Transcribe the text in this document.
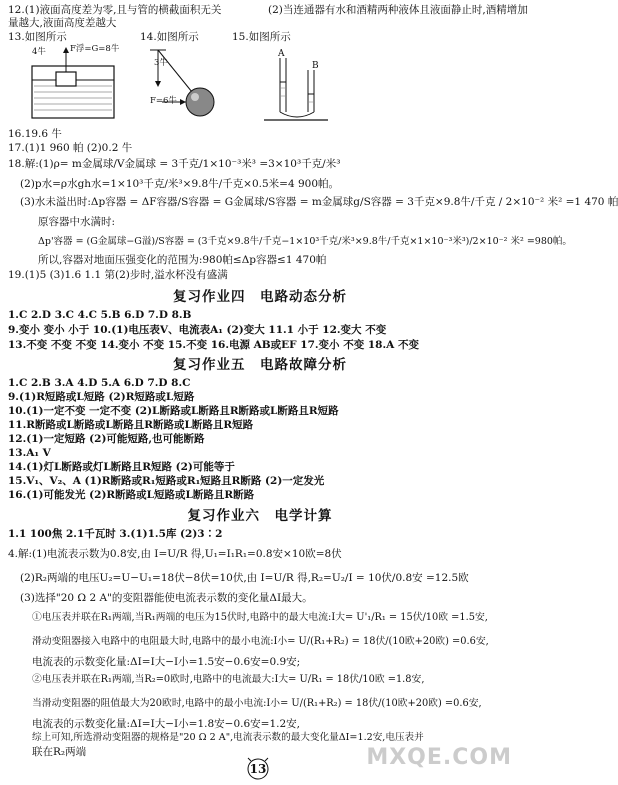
12.(1)液面高度差为零,且与管的横截面积无关	(2)当连通器有水和酒精两种液体且液面静止时,酒精增加
量越大,液面高度差越大
13.如图所示	14.如图所示	15.如图所示
4牛	F浮=G=8牛
3牛
F=6牛
A
B
16.19.6 牛
17.(1)1 960 帕 (2)0.2 牛
18.解:(1)ρ= m金属球/V金属球 = 3千克/1×10⁻³米³ =3×10³千克/米³
(2)p水=ρ水gh水=1×10³千克/米³×9.8牛/千克×0.5米=4 900帕。
(3)水未溢出时:Δp容器 = ΔF容器/S容器 = G金属球/S容器 = m金属球g/S容器 = 3千克×9.8牛/千克 / 2×10⁻² 米² =1 470 帕
原容器中水满时:
Δp'容器 = (G金属球−G溢)/S容器 = (3千克×9.8牛/千克−1×10³千克/米³×9.8牛/千克×1×10⁻³米³)/2×10⁻² 米² =980帕。
所以,容器对地面压强变化的范围为:980帕≤Δp容器≤1 470帕
19.(1)5 (3)1.6 1.1 第(2)步时,溢水杯没有盛满
复习作业四　电路动态分析
1.C 2.D 3.C 4.C 5.B 6.D 7.D 8.B
9.变小 变小 小于 10.(1)电压表V、电流表A₁ (2)变大 11.1 小于 12.变大 不变
13.不变 不变 不变 14.变小 不变 15.不变 16.电源 AB或EF 17.变小 不变 18.A 不变
复习作业五　电路故障分析
1.C 2.B 3.A 4.D 5.A 6.D 7.D 8.C
9.(1)R短路或L短路 (2)R短路或L短路
10.(1)一定不变 一定不变 (2)L断路或L断路且R断路或L断路且R短路
11.R断路或L断路或L断路且R断路或L断路且R短路
12.(1)一定短路 (2)可能短路,也可能断路
13.A₁ V
14.(1)灯L断路或灯L断路且R短路 (2)可能等于
15.V₁、V₂、A (1)R断路或R₁短路或R₁短路且R断路 (2)一定发光
16.(1)可能发光 (2)R断路或L短路或L断路且R断路
复习作业六　电学计算
1.1 100焦 2.1千瓦时 3.(1)1.5库 (2)3∶2
4.解:(1)电流表示数为0.8安,由 I=U/R 得,U₁=I₁R₁=0.8安×10欧=8伏
(2)R₂两端的电压U₂=U−U₁=18伏−8伏=10伏,由 I=U/R 得,R₂=U₂/I = 10伏/0.8安 =12.5欧
(3)选择"20 Ω 2 A"的变阻器能使电流表示数的变化量ΔI最大。
①电压表并联在R₁两端,当R₁两端的电压为15伏时,电路中的最大电流:I大= U'₁/R₁ = 15伏/10欧 =1.5安,
滑动变阻器接入电路中的电阻最大时,电路中的最小电流:I小= U/(R₁+R₂) = 18伏/(10欧+20欧) =0.6安,
电流表的示数变化量:ΔI=I大−I小=1.5安−0.6安=0.9安;
②电压表并联在R₁两端,当R₂=0欧时,电路中的电流最大:I大= U/R₁ = 18伏/10欧 =1.8安,
当滑动变阻器的阻值最大为20欧时,电路中的最小电流:I小= U/(R₁+R₂) = 18伏/(10欧+20欧) =0.6安,
电流表的示数变化量:ΔI=I大−I小=1.8安−0.6安=1.2安,
综上可知,所选滑动变阻器的规格是"20 Ω 2 A",电流表示数的最大变化量ΔI=1.2安,电压表并
联在R₂两端
13	MXQE.COM
